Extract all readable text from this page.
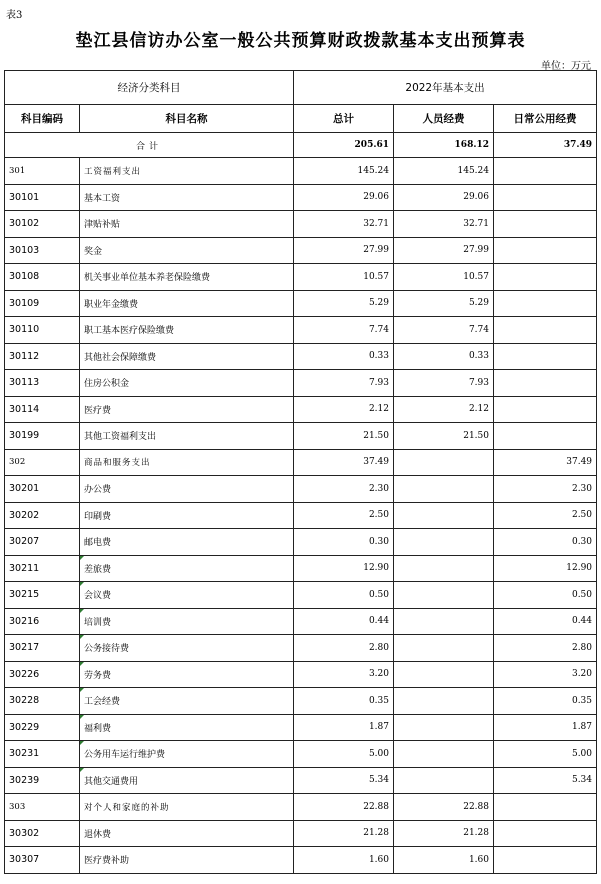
表3
垫江县信访办公室一般公共预算财政拨款基本支出预算表
单位：万元
经济分类科目		2022年基本支出		
科目编码	科目名称	总计	人员经费	日常公用经费
合计		205.61	168.12	37.49
301	工资福利支出	145.24	145.24	
30101	基本工资	29.06	29.06	
30102	津贴补贴	32.71	32.71	
30103	奖金	27.99	27.99	
30108	机关事业单位基本养老保险缴费	10.57	10.57	
30109	职业年金缴费	5.29	5.29	
30110	职工基本医疗保险缴费	7.74	7.74	
30112	其他社会保障缴费	0.33	0.33	
30113	住房公积金	7.93	7.93	
30114	医疗费	2.12	2.12	
30199	其他工资福利支出	21.50	21.50	
302	商品和服务支出	37.49		37.49
30201	办公费	2.30		2.30
30202	印刷费	2.50		2.50
30207	邮电费	0.30		0.30
30211	差旅费	12.90		12.90
30215	会议费	0.50		0.50
30216	培训费	0.44		0.44
30217	公务接待费	2.80		2.80
30226	劳务费	3.20		3.20
30228	工会经费	0.35		0.35
30229	福利费	1.87		1.87
30231	公务用车运行维护费	5.00		5.00
30239	其他交通费用	5.34		5.34
303	对个人和家庭的补助	22.88	22.88	
30302	退休费	21.28	21.28	
30307	医疗费补助	1.60	1.60	
